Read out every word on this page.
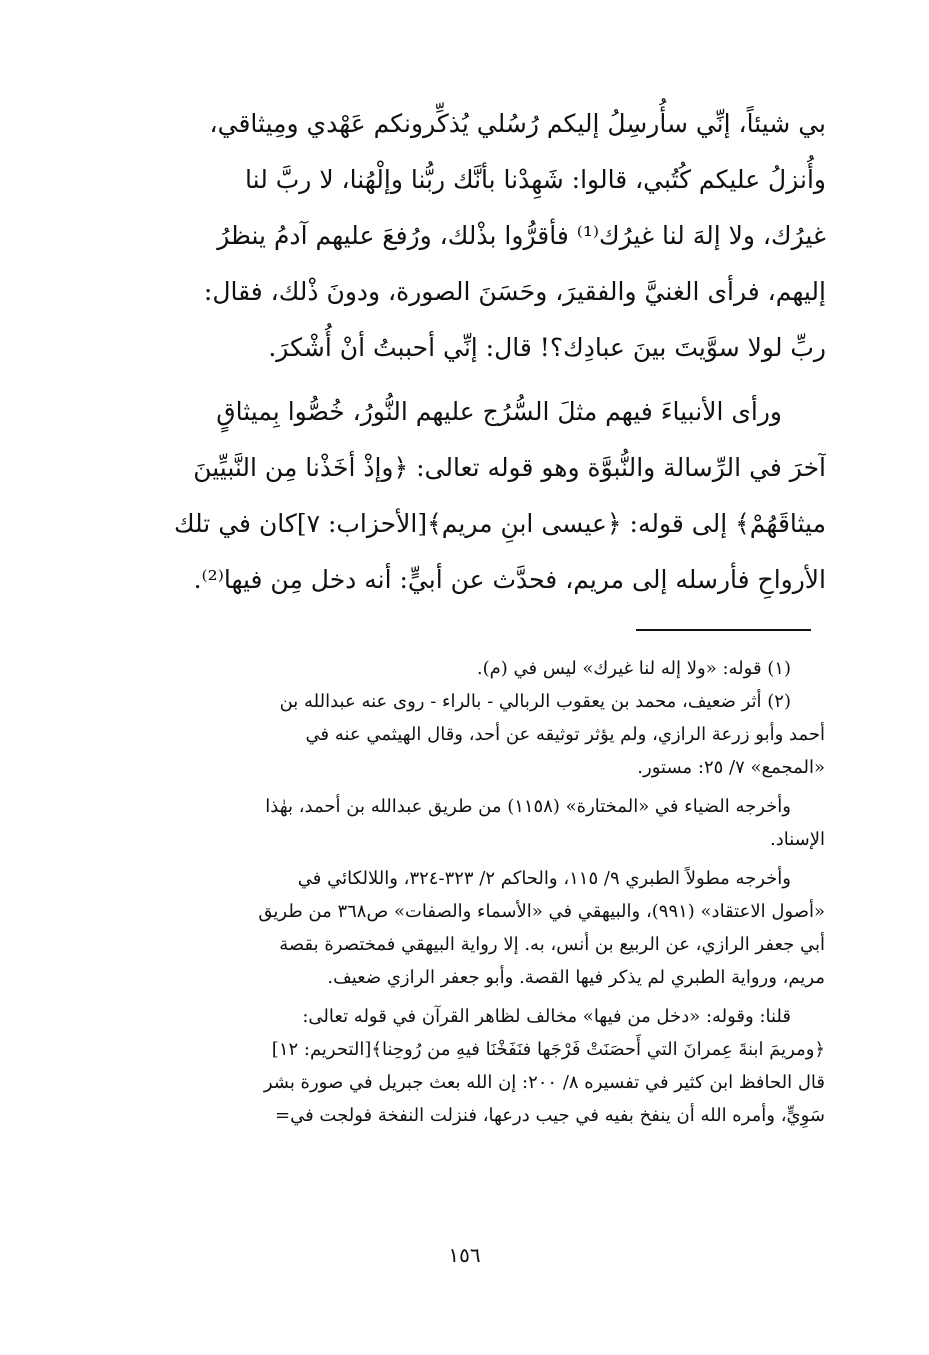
بي شيئاً، إنِّي سأُرسِلُ إليكم رُسُلي يُذكِّرونكم عَهْدي ومِيثاقي،
وأُنزلُ عليكم كُتُبي، قالوا: شَهِدْنا بأنَّك ربُّنا وإلْهُنا، لا ربَّ لنا
غيرُك، ولا إلهَ لنا غيرُك⁽¹⁾ فأقرُّوا بذْلك، ورُفعَ عليهم آدمُ ينظرُ
إليهم، فرأى الغنيَّ والفقيرَ، وحَسَنَ الصورة، ودونَ ذْلك، فقال:
ربِّ لولا سوَّيتَ بينَ عبادِك؟! قال: إنِّي أحببتُ أنْ أُشْكرَ.
ورأى الأنبياءَ فيهم مثلَ السُّرُج عليهم النُّورُ، خُصُّوا بِميثاقٍ
آخرَ في الرِّسالة والنُّبوَّة وهو قوله تعالى: ﴿وإذْ أخَذْنا مِن النَّبيِّينَ
ميثاقَهُمْ﴾ إلى قوله: ﴿عيسى ابنِ مريم﴾[الأحزاب: ٧]كان في تلك
الأرواحِ فأرسله إلى مريم، فحدَّث عن أبيٍّ: أنه دخل مِن فيها⁽²⁾.
(١) قوله: «ولا إله لنا غيرك» ليس في (م).
(٢) أثر ضعيف، محمد بن يعقوب الربالي - بالراء - روى عنه عبدالله بن
أحمد وأبو زرعة الرازي، ولم يؤثر توثيقه عن أحد، وقال الهيثمي عنه في
«المجمع» ٧/ ٢٥: مستور.
وأخرجه الضياء في «المختارة» (١١٥٨) من طريق عبدالله بن أحمد، بهٰذا
الإسناد.
وأخرجه مطولاً الطبري ٩/ ١١٥، والحاكم ٢/ ٣٢٣-٣٢٤، واللالكائي في
«أصول الاعتقاد» (٩٩١)، والبيهقي في «الأسماء والصفات» ص٣٦٨ من طريق
أبي جعفر الرازي، عن الربيع بن أنس، به. إلا رواية البيهقي فمختصرة بقصة
مريم، ورواية الطبري لم يذكر فيها القصة. وأبو جعفر الرازي ضعيف.
قلنا: وقوله: «دخل من فيها» مخالف لظاهر القرآن في قوله تعالى:
﴿ومريمَ ابنةَ عِمرانَ التي أَحصَنَتْ فَرْجَها فنَفَخْنَا فيهِ من رُوحِنا﴾[التحريم: ١٢]
قال الحافظ ابن كثير في تفسيره ٨/ ٢٠٠: إن الله بعث جبريل في صورة بشر
سَوِيٍّ، وأمره الله أن ينفخ بفيه في جيب درعها، فنزلت النفخة فولجت في=
١٥٦
